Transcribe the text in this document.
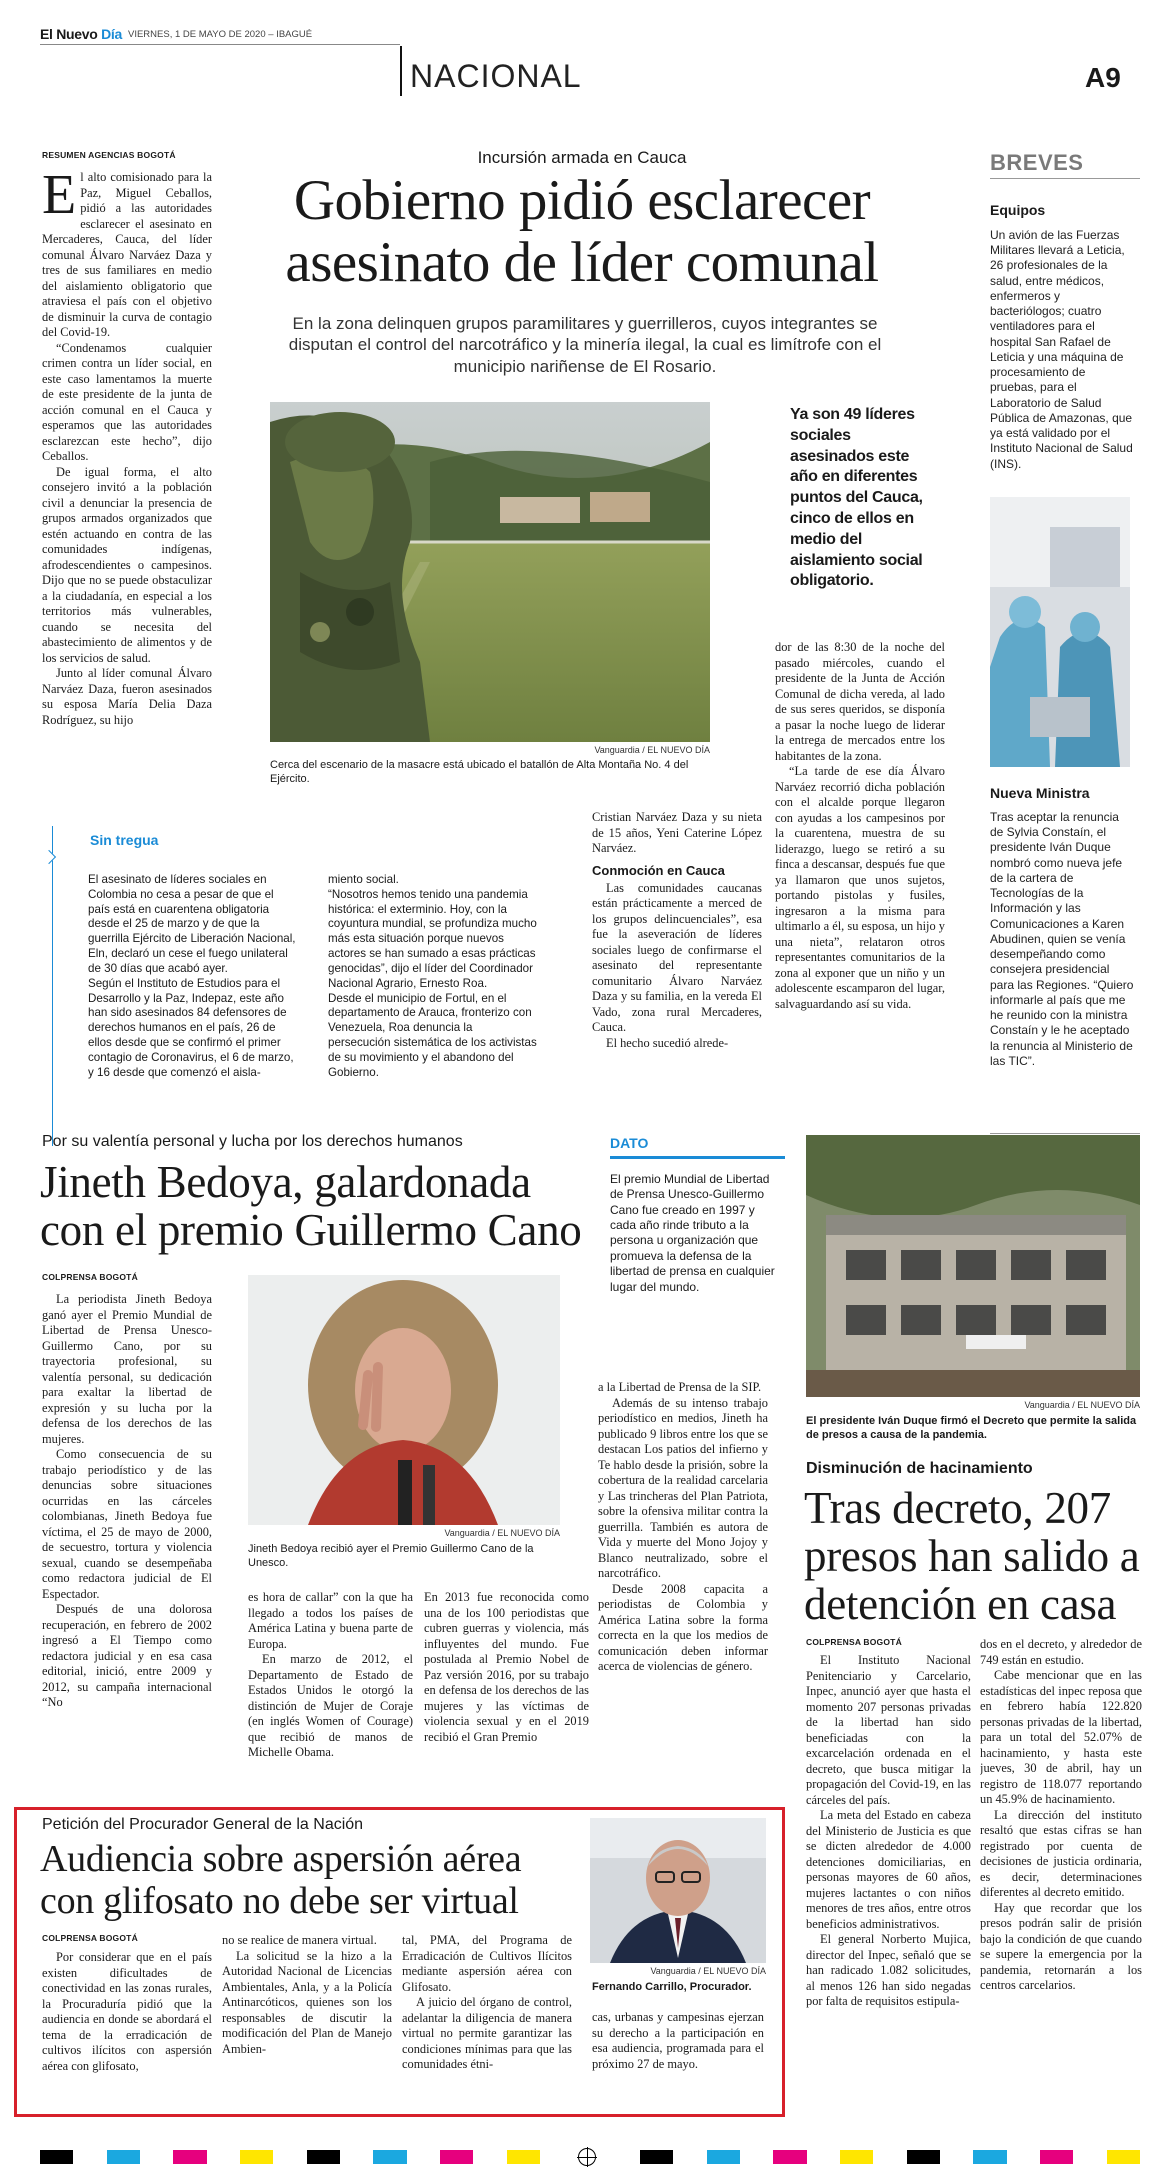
El Nuevo Día VIERNES, 1 DE MAYO DE 2020 – IBAGUÉ
NACIONAL	A9
RESUMEN AGENCIAS BOGOTÁ

El alto comisionado para la Paz, Miguel Ceballos, pidió a las autoridades esclarecer el asesinato en Mercaderes, Cauca, del líder comunal Álvaro Narváez Daza y tres de sus familiares en medio del aislamiento obligatorio que atraviesa el país con el objetivo de disminuir la curva de contagio del Covid-19.

“Condenamos cualquier crimen contra un líder social, en este caso lamentamos la muerte de este presidente de la junta de acción comunal en el Cauca y esperamos que las autoridades esclarezcan este hecho”, dijo Ceballos.

De igual forma, el alto consejero invitó a la población civil a denunciar la presencia de grupos armados organizados que estén actuando en contra de las comunidades indígenas, afrodescendientes o campesinos. Dijo que no se puede obstaculizar a la ciudadanía, en especial a los territorios más vulnerables, cuando se necesita del abastecimiento de alimentos y de los servicios de salud.

Junto al líder comunal Álvaro Narváez Daza, fueron asesinados su esposa María Delia Daza Rodríguez, su hijo

Incursión armada en Cauca
Gobierno pidió esclarecer
asesinato de líder comunal
En la zona delinquen grupos paramilitares y guerrilleros, cuyos integrantes se disputan el control del narcotráfico y la minería ilegal, la cual es limítrofe con el municipio nariñense de El Rosario.
Vanguardia / EL NUEVO DÍA
Cerca del escenario de la masacre está ubicado el batallón de Alta Montaña No. 4 del Ejército.
Ya son 49 líderes sociales asesinados este año en diferentes puntos del Cauca, cinco de ellos en medio del aislamiento social obligatorio.

dor de las 8:30 de la noche del pasado miércoles, cuando el presidente de la Junta de Acción Comunal de dicha vereda, al lado de sus seres queridos, se disponía a pasar la noche luego de liderar la entrega de mercados entre los habitantes de la zona.

“La tarde de ese día Álvaro Narváez recorrió dicha población con el alcalde porque llegaron con ayudas a los campesinos por la cuarentena, muestra de su liderazgo, luego se retiró a su finca a descansar, después fue que ya llamaron que unos sujetos, portando pistolas y fusiles, ingresaron a la misma para ultimarlo a él, su esposa, un hijo y una nieta”, relataron otros representantes comunitarios de la zona al exponer que un niño y un adolescente escamparon del lugar, salvaguardando así su vida.

Cristian Narváez Daza y su nieta de 15 años, Yeni Caterine López Narváez.

Conmoción en Cauca

Las comunidades caucanas están prácticamente a merced de los grupos delincuenciales”, esa fue la aseveración de líderes sociales luego de confirmarse el asesinato del representante comunitario Álvaro Narváez Daza y su familia, en la vereda El Vado, zona rural Mercaderes, Cauca.

El hecho sucedió alrede-

Sin tregua
El asesinato de líderes sociales en Colombia no cesa a pesar de que el país está en cuarentena obligatoria desde el 25 de marzo y de que la guerrilla Ejército de Liberación Nacional, Eln, declaró un cese el fuego unilateral de 30 días que acabó ayer.
Según el Instituto de Estudios para el Desarrollo y la Paz, Indepaz, este año han sido asesinados 84 defensores de derechos humanos en el país, 26 de ellos desde que se confirmó el primer contagio de Coronavirus, el 6 de marzo, y 16 desde que comenzó el aisla-
miento social.
“Nosotros hemos tenido una pandemia histórica: el exterminio. Hoy, con la coyuntura mundial, se profundiza mucho más esta situación porque nuevos actores se han sumado a esas prácticas genocidas”, dijo el líder del Coordinador Nacional Agrario, Ernesto Roa.
Desde el municipio de Fortul, en el departamento de Arauca, fronterizo con Venezuela, Roa denuncia la persecución sistemática de los activistas de su movimiento y el abandono del Gobierno.
BREVES
Equipos
Un avión de las Fuerzas Militares llevará a Leticia, 26 profesionales de la salud, entre médicos, enfermeros y bacteriólogos; cuatro ventiladores para el hospital San Rafael de Leticia y una máquina de procesamiento de pruebas, para el Laboratorio de Salud Pública de Amazonas, que ya está validado por el Instituto Nacional de Salud (INS).
Nueva Ministra
Tras aceptar la renuncia de Sylvia Constaín, el presidente Iván Duque nombró como nueva jefe de la cartera de Tecnologías de la Información y las Comunicaciones a Karen Abudinen, quien se venía desempeñando como consejera presidencial para las Regiones. “Quiero informarle al país que me he reunido con la ministra Constaín y le he aceptado la renuncia al Ministerio de las TIC”.
Por su valentía personal y lucha por los derechos humanos
Jineth Bedoya, galardonada
con el premio Guillermo Cano
COLPRENSA BOGOTÁ

La periodista Jineth Bedoya ganó ayer el Premio Mundial de Libertad de Prensa Unesco-Guillermo Cano, por su trayectoria profesional, su valentía personal, su dedicación para exaltar la libertad de expresión y su lucha por la defensa de los derechos de las mujeres.

Como consecuencia de su trabajo periodístico y de las denuncias sobre situaciones ocurridas en las cárceles colombianas, Jineth Bedoya fue víctima, el 25 de mayo de 2000, de secuestro, tortura y violencia sexual, cuando se desempeñaba como redactora judicial de El Espectador.

Después de una dolorosa recuperación, en febrero de 2002 ingresó a El Tiempo como redactora judicial y en esa casa editorial, inició, entre 2009 y 2012, su campaña internacional “No

Vanguardia / EL NUEVO DÍA
Jineth Bedoya recibió ayer el Premio Guillermo Cano de la Unesco.

es hora de callar” con la que ha llegado a todos los países de América Latina y buena parte de Europa.

En marzo de 2012, el Departamento de Estado de Estados Unidos le otorgó la distinción de Mujer de Coraje (en inglés Women of Courage) que recibió de manos de Michelle Obama.

En 2013 fue reconocida como una de los 100 periodistas que cubren guerras y violencia, más influyentes del mundo. Fue postulada al Premio Nobel de Paz versión 2016, por su trabajo en defensa de los derechos de las mujeres y las víctimas de violencia sexual y en el 2019 recibió el Gran Premio

a la Libertad de Prensa de la SIP.

Además de su intenso trabajo periodístico en medios, Jineth ha publicado 9 libros entre los que se destacan Los patios del infierno y Te hablo desde la prisión, sobre la cobertura de la realidad carcelaria y Las trincheras del Plan Patriota, sobre la ofensiva militar contra la guerrilla. También es autora de Vida y muerte del Mono Jojoy y Blanco neutralizado, sobre el narcotráfico.

Desde 2008 capacita a periodistas de Colombia y América Latina sobre la forma correcta en la que los medios de comunicación deben informar acerca de violencias de género.

DATO
El premio Mundial de Libertad de Prensa Unesco-Guillermo Cano fue creado en 1997 y cada año rinde tributo a la persona u organización que promueva la defensa de la libertad de prensa en cualquier lugar del mundo.
Vanguardia / EL NUEVO DÍA
El presidente Iván Duque firmó el Decreto que permite la salida de presos a causa de la pandemia.
Disminución de hacinamiento
Tras decreto, 207
presos han salido a
detención en casa
COLPRENSA BOGOTÁ

El Instituto Nacional Penitenciario y Carcelario, Inpec, anunció ayer que hasta el momento 207 personas privadas de la libertad han sido beneficiadas con la excarcelación ordenada en el decreto, que busca mitigar la propagación del Covid-19, en las cárceles del país.

La meta del Estado en cabeza del Ministerio de Justicia es que se dicten alrededor de 4.000 detenciones domiciliarias, en personas mayores de 60 años, mujeres lactantes o con niños menores de tres años, entre otros beneficios administrativos.

El general Norberto Mujica, director del Inpec, señaló que se han radicado 1.082 solicitudes, al menos 126 han sido negadas por falta de requisitos estipula-

dos en el decreto, y alrededor de 749 están en estudio.

Cabe mencionar que en las estadísticas del inpec reposa que en febrero había 122.820 personas privadas de la libertad, para un total del 52.07% de hacinamiento, y hasta este jueves, 30 de abril, hay un registro de 118.077 reportando un 45.9% de hacinamiento.

La dirección del instituto resaltó que estas cifras se han registrado por cuenta de decisiones de justicia ordinaria, es decir, determinaciones diferentes al decreto emitido.

Hay que recordar que los presos podrán salir de prisión bajo la condición de que cuando se supere la emergencia por la pandemia, retornarán a los centros carcelarios.

Petición del Procurador General de la Nación
Audiencia sobre aspersión aérea
con glifosato no debe ser virtual
COLPRENSA BOGOTÁ

Por considerar que en el país existen dificultades de conectividad en las zonas rurales, la Procuraduría pidió que la audiencia en donde se abordará el tema de la erradicación de cultivos ilícitos con aspersión aérea con glifosato,

no se realice de manera virtual.

La solicitud se la hizo a la Autoridad Nacional de Licencias Ambientales, Anla, y a la Policía Antinarcóticos, quienes son los responsables de discutir la modificación del Plan de Manejo Ambien-

tal, PMA, del Programa de Erradicación de Cultivos Ilícitos mediante aspersión aérea con Glifosato.

A juicio del órgano de control, adelantar la diligencia de manera virtual no permite garantizar las condiciones mínimas para que las comunidades étni-

Vanguardia / EL NUEVO DÍA
Fernando Carrillo, Procurador.

cas, urbanas y campesinas ejerzan su derecho a la participación en esa audiencia, programada para el próximo 27 de mayo.
